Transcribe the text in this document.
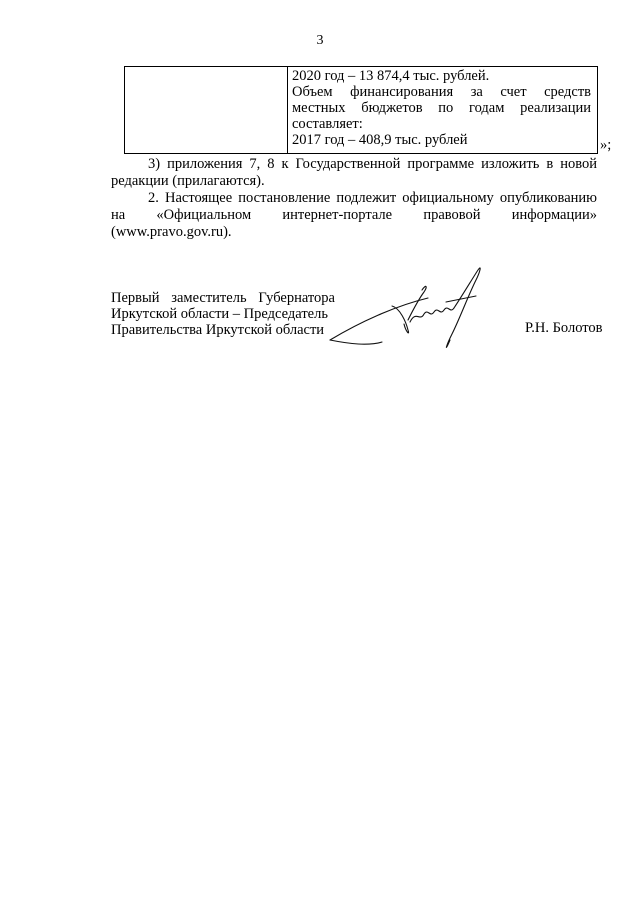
3

2020 год – 13 874,4 тыс. рублей.

Объем финансирования за счет средств

местных бюджетов по годам реализации

составляет:

2017 год – 408,9 тыс. рублей	»;

3) приложения 7, 8 к Государственной программе изложить в новой

редакции (прилагаются).

2. Настоящее постановление подлежит официальному опубликованию

на «Официальном интернет-портале правовой информации»

(www.pravo.gov.ru).

Первый заместитель Губернатора
Иркутской области – Председатель
Правительства Иркутской области	Р.Н. Болотов
